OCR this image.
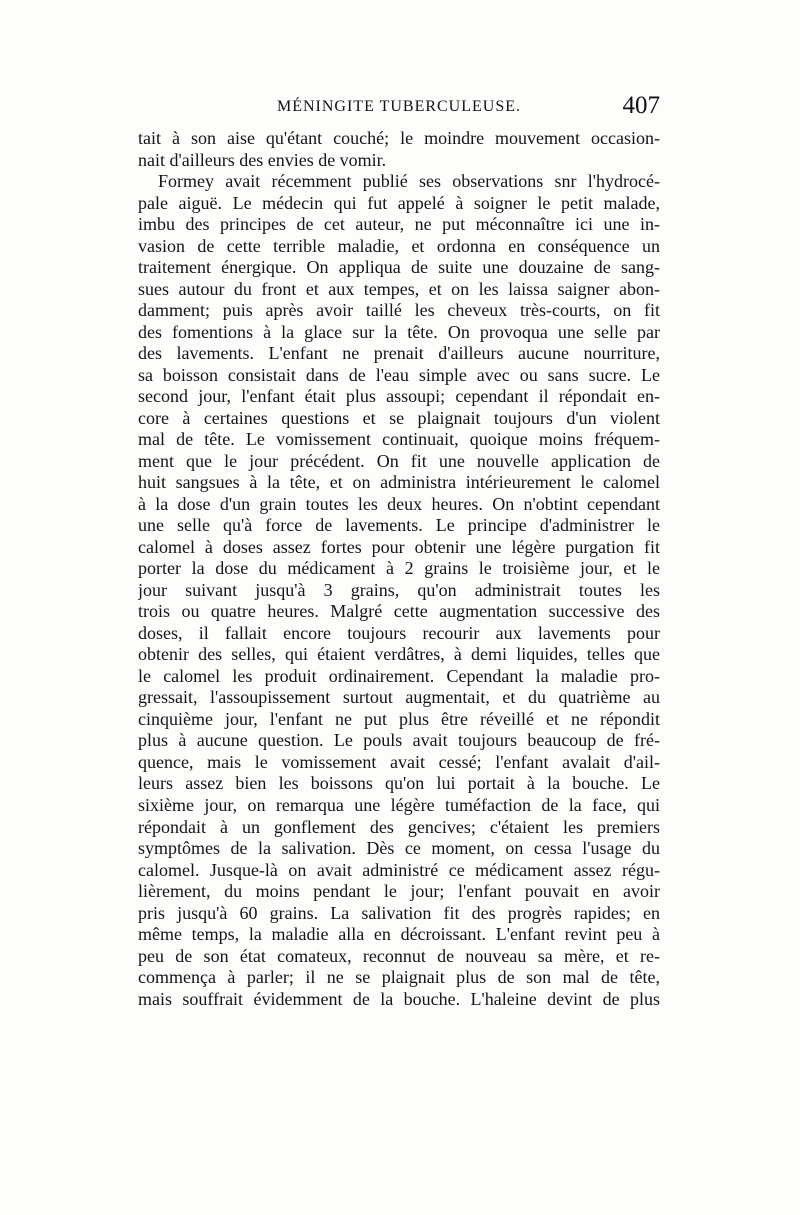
MÉNINGITE TUBERCULEUSE.	407
tait à son aise qu'étant couché; le moindre mouvement occasion-
nait d'ailleurs des envies de vomir.
Formey avait récemment publié ses observations snr l'hydrocé-
pale aiguë. Le médecin qui fut appelé à soigner le petit malade,
imbu des principes de cet auteur, ne put méconnaître ici une in-
vasion de cette terrible maladie, et ordonna en conséquence un
traitement énergique. On appliqua de suite une douzaine de sang-
sues autour du front et aux tempes, et on les laissa saigner abon-
damment; puis après avoir taillé les cheveux très-courts, on fit
des fomentions à la glace sur la tête. On provoqua une selle par
des lavements. L'enfant ne prenait d'ailleurs aucune nourriture,
sa boisson consistait dans de l'eau simple avec ou sans sucre. Le
second jour, l'enfant était plus assoupi; cependant il répondait en-
core à certaines questions et se plaignait toujours d'un violent
mal de tête. Le vomissement continuait, quoique moins fréquem-
ment que le jour précédent. On fit une nouvelle application de
huit sangsues à la tête, et on administra intérieurement le calomel
à la dose d'un grain toutes les deux heures. On n'obtint cependant
une selle qu'à force de lavements. Le principe d'administrer le
calomel à doses assez fortes pour obtenir une légère purgation fit
porter la dose du médicament à 2 grains le troisième jour, et le
jour suivant jusqu'à 3 grains, qu'on administrait toutes les
trois ou quatre heures. Malgré cette augmentation successive des
doses, il fallait encore toujours recourir aux lavements pour
obtenir des selles, qui étaient verdâtres, à demi liquides, telles que
le calomel les produit ordinairement. Cependant la maladie pro-
gressait, l'assoupissement surtout augmentait, et du quatrième au
cinquième jour, l'enfant ne put plus être réveillé et ne répondit
plus à aucune question. Le pouls avait toujours beaucoup de fré-
quence, mais le vomissement avait cessé; l'enfant avalait d'ail-
leurs assez bien les boissons qu'on lui portait à la bouche. Le
sixième jour, on remarqua une légère tuméfaction de la face, qui
répondait à un gonflement des gencives; c'étaient les premiers
symptômes de la salivation. Dès ce moment, on cessa l'usage du
calomel. Jusque-là on avait administré ce médicament assez régu-
lièrement, du moins pendant le jour; l'enfant pouvait en avoir
pris jusqu'à 60 grains. La salivation fit des progrès rapides; en
même temps, la maladie alla en décroissant. L'enfant revint peu à
peu de son état comateux, reconnut de nouveau sa mère, et re-
commença à parler; il ne se plaignait plus de son mal de tête,
mais souffrait évidemment de la bouche. L'haleine devint de plus
